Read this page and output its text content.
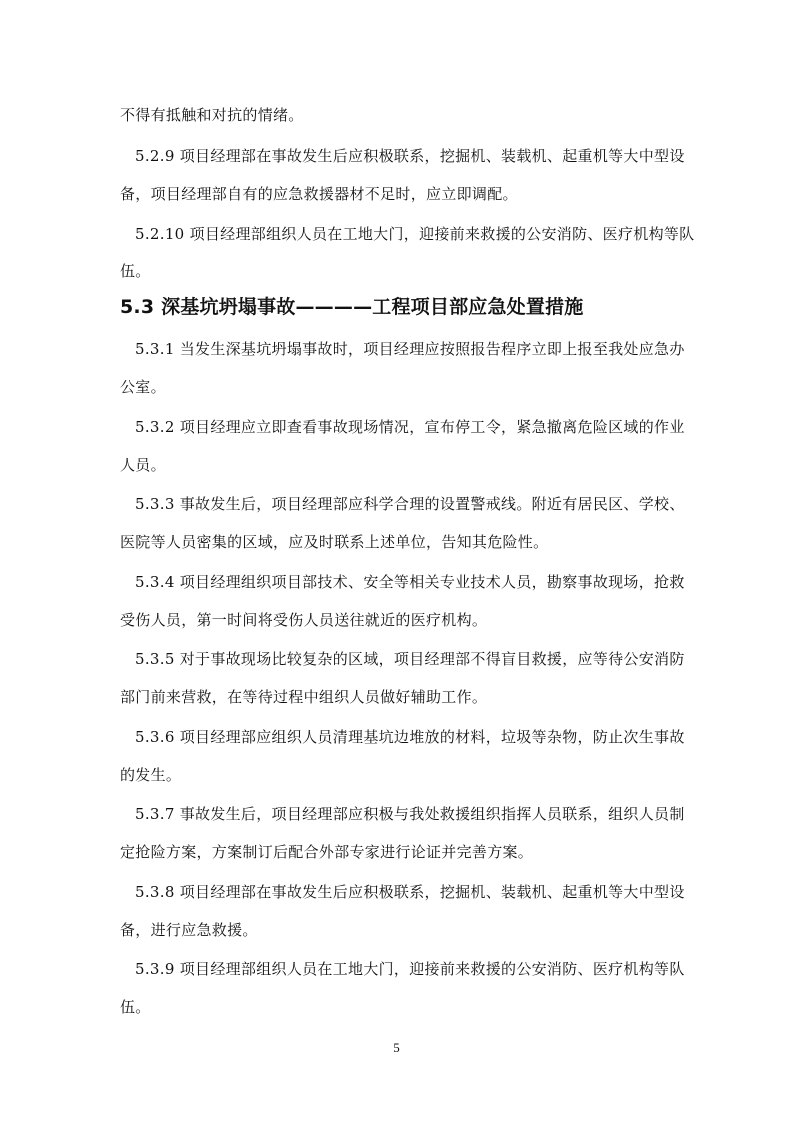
不得有抵触和对抗的情绪。
5.2.9 项目经理部在事故发生后应积极联系，挖掘机、装载机、起重机等大中型设
备，项目经理部自有的应急救援器材不足时，应立即调配。
5.2.10 项目经理部组织人员在工地大门，迎接前来救援的公安消防、医疗机构等队
伍。
5.3 深基坑坍塌事故————工程项目部应急处置措施
5.3.1 当发生深基坑坍塌事故时，项目经理应按照报告程序立即上报至我处应急办
公室。
5.3.2 项目经理应立即查看事故现场情况，宣布停工令，紧急撤离危险区域的作业
人员。
5.3.3 事故发生后，项目经理部应科学合理的设置警戒线。附近有居民区、学校、
医院等人员密集的区域，应及时联系上述单位，告知其危险性。
5.3.4 项目经理组织项目部技术、安全等相关专业技术人员，勘察事故现场，抢救
受伤人员，第一时间将受伤人员送往就近的医疗机构。
5.3.5 对于事故现场比较复杂的区域，项目经理部不得盲目救援，应等待公安消防
部门前来营救，在等待过程中组织人员做好辅助工作。
5.3.6 项目经理部应组织人员清理基坑边堆放的材料，垃圾等杂物，防止次生事故
的发生。
5.3.7 事故发生后，项目经理部应积极与我处救援组织指挥人员联系，组织人员制
定抢险方案，方案制订后配合外部专家进行论证并完善方案。
5.3.8 项目经理部在事故发生后应积极联系，挖掘机、装载机、起重机等大中型设
备，进行应急救援。
5.3.9 项目经理部组织人员在工地大门，迎接前来救援的公安消防、医疗机构等队
伍。
5
